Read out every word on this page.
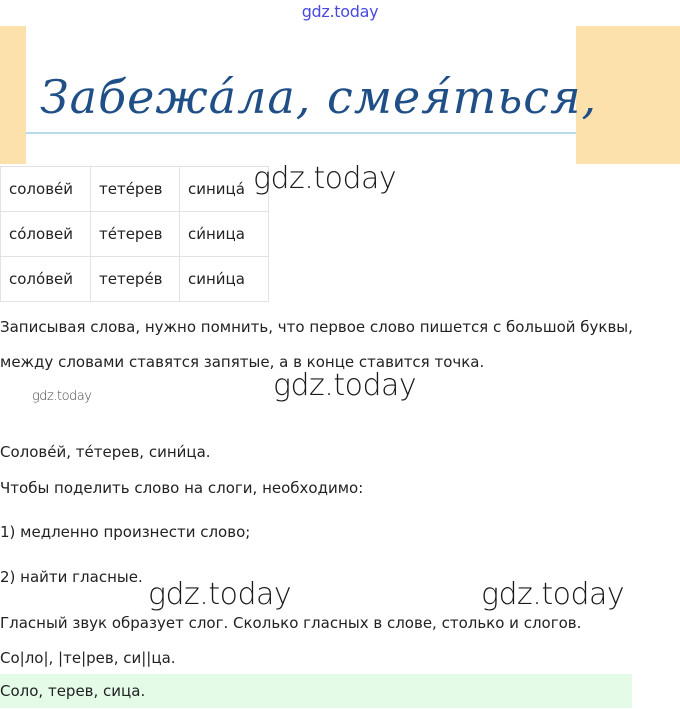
gdz.today
Забежа́ла, смея́ться,
солове́й	тете́рев	синица́
со́ловей	те́терев	си́ница
соло́вей	тетере́в	сини́ца
gdz.today
Записывая слова, нужно помнить, что первое слово пишется с большой буквы,
между словами ставятся запятые, а в конце ставится точка.
gdz.today
gdz.today
Солове́й, те́терев, сини́ца.
Чтобы поделить слово на слоги, необходимо:
1) медленно произнести слово;
2) найти гласные. gdz.today	gdz.today
Гласный звук образует слог. Сколько гласных в слове, столько и слогов.
Со|ло|, |те|рев, си||ца.
Соло, терев, сица.
